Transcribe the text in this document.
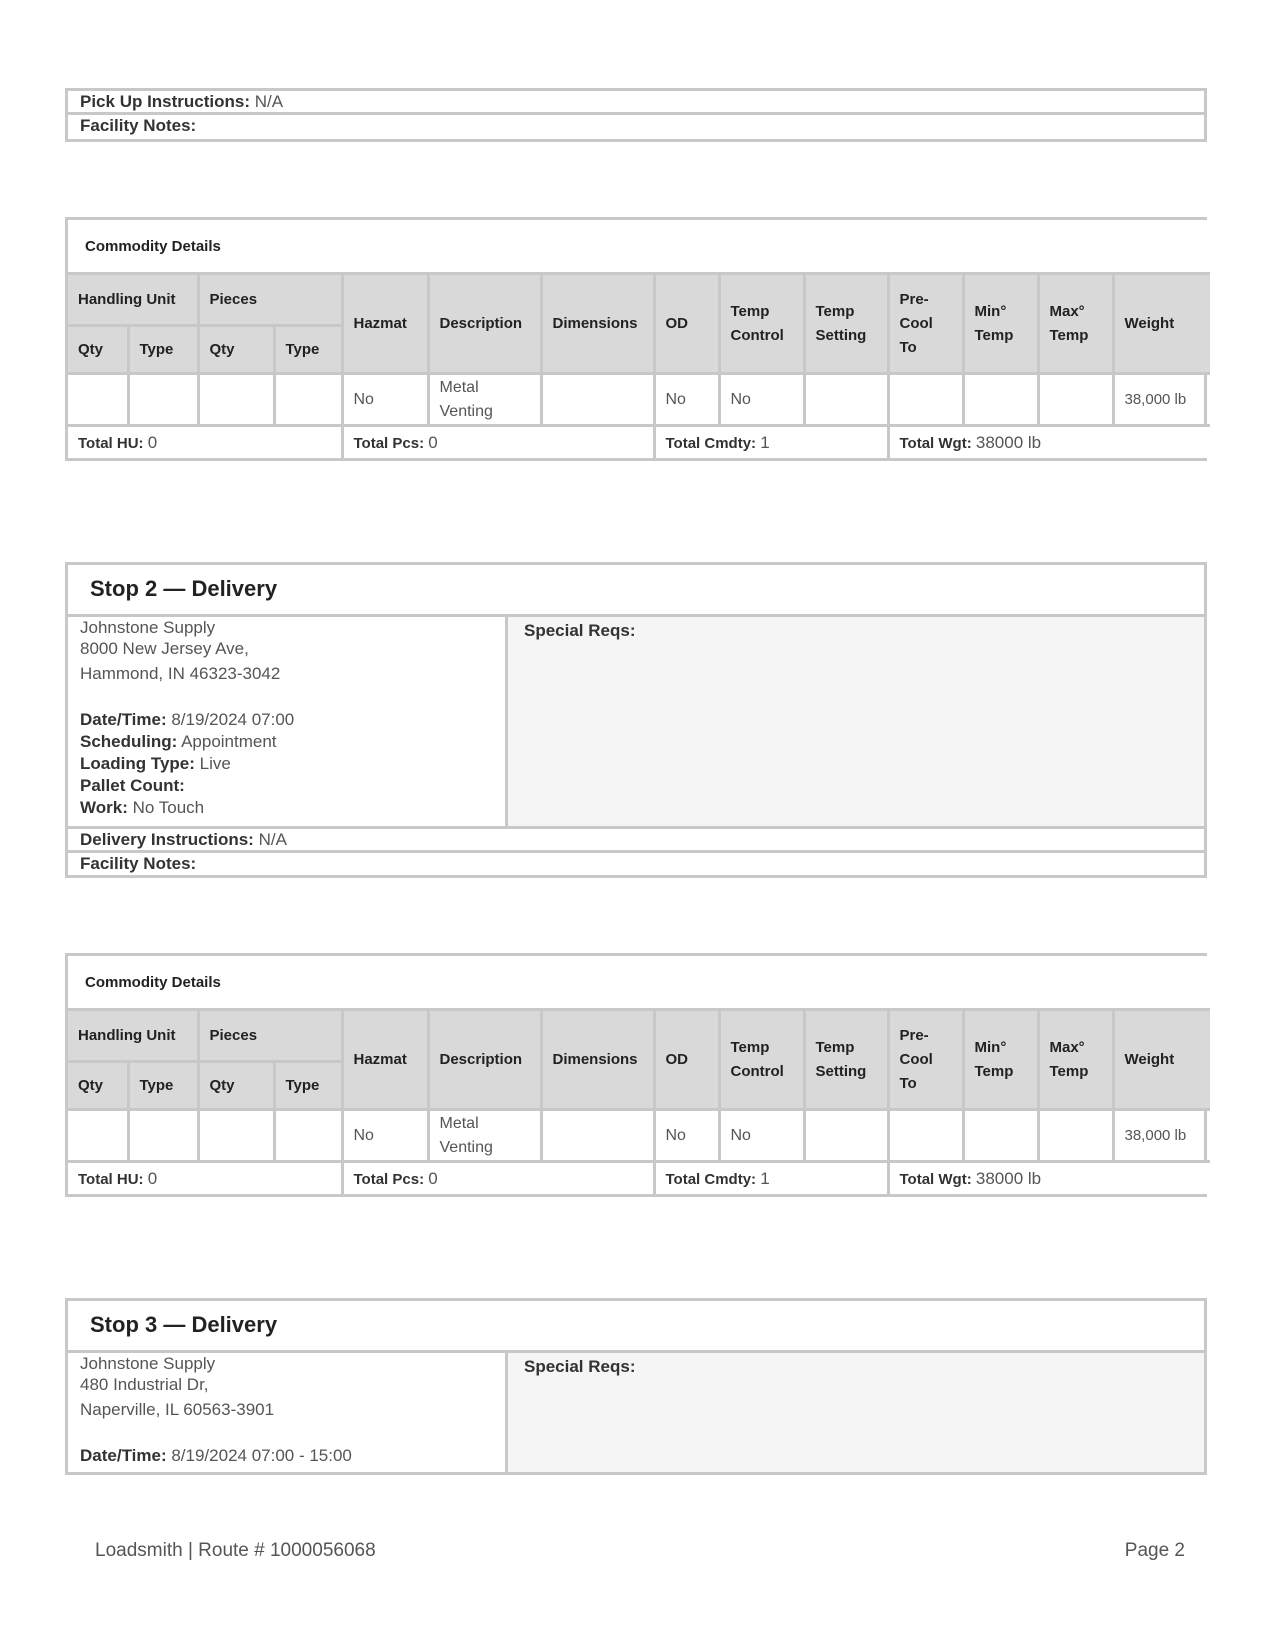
Pick Up Instructions: N/A
Facility Notes:
Commodity Details													
Handling Unit		Pieces		Hazmat	Description	Dimensions	OD	Temp Control	Temp Setting	Pre-Cool To	Min° Temp	Max° Temp	Weight
Qty	Type	Qty	Type										
				No	Metal Venting		No	No					38,000 lb
Total HU: 0				Total Pcs: 0			Total Cmdty: 1			Total Wgt: 38000 lb			
Stop 2 — Delivery
Johnstone Supply
8000 New Jersey Ave,
Hammond, IN 46323-3042
Date/Time: 8/19/2024 07:00
Scheduling: Appointment
Loading Type: Live
Pallet Count:
Work: No Touch
Special Reqs:
Delivery Instructions: N/A
Facility Notes:
Commodity Details													
Handling Unit		Pieces		Hazmat	Description	Dimensions	OD	Temp Control	Temp Setting	Pre-Cool To	Min° Temp	Max° Temp	Weight
Qty	Type	Qty	Type										
				No	Metal Venting		No	No					38,000 lb
Total HU: 0				Total Pcs: 0			Total Cmdty: 1			Total Wgt: 38000 lb			
Stop 3 — Delivery
Johnstone Supply
480 Industrial Dr,
Naperville, IL 60563-3901
Date/Time: 8/19/2024 07:00 - 15:00
Special Reqs:
Loadsmith | Route # 1000056068	Page 2
